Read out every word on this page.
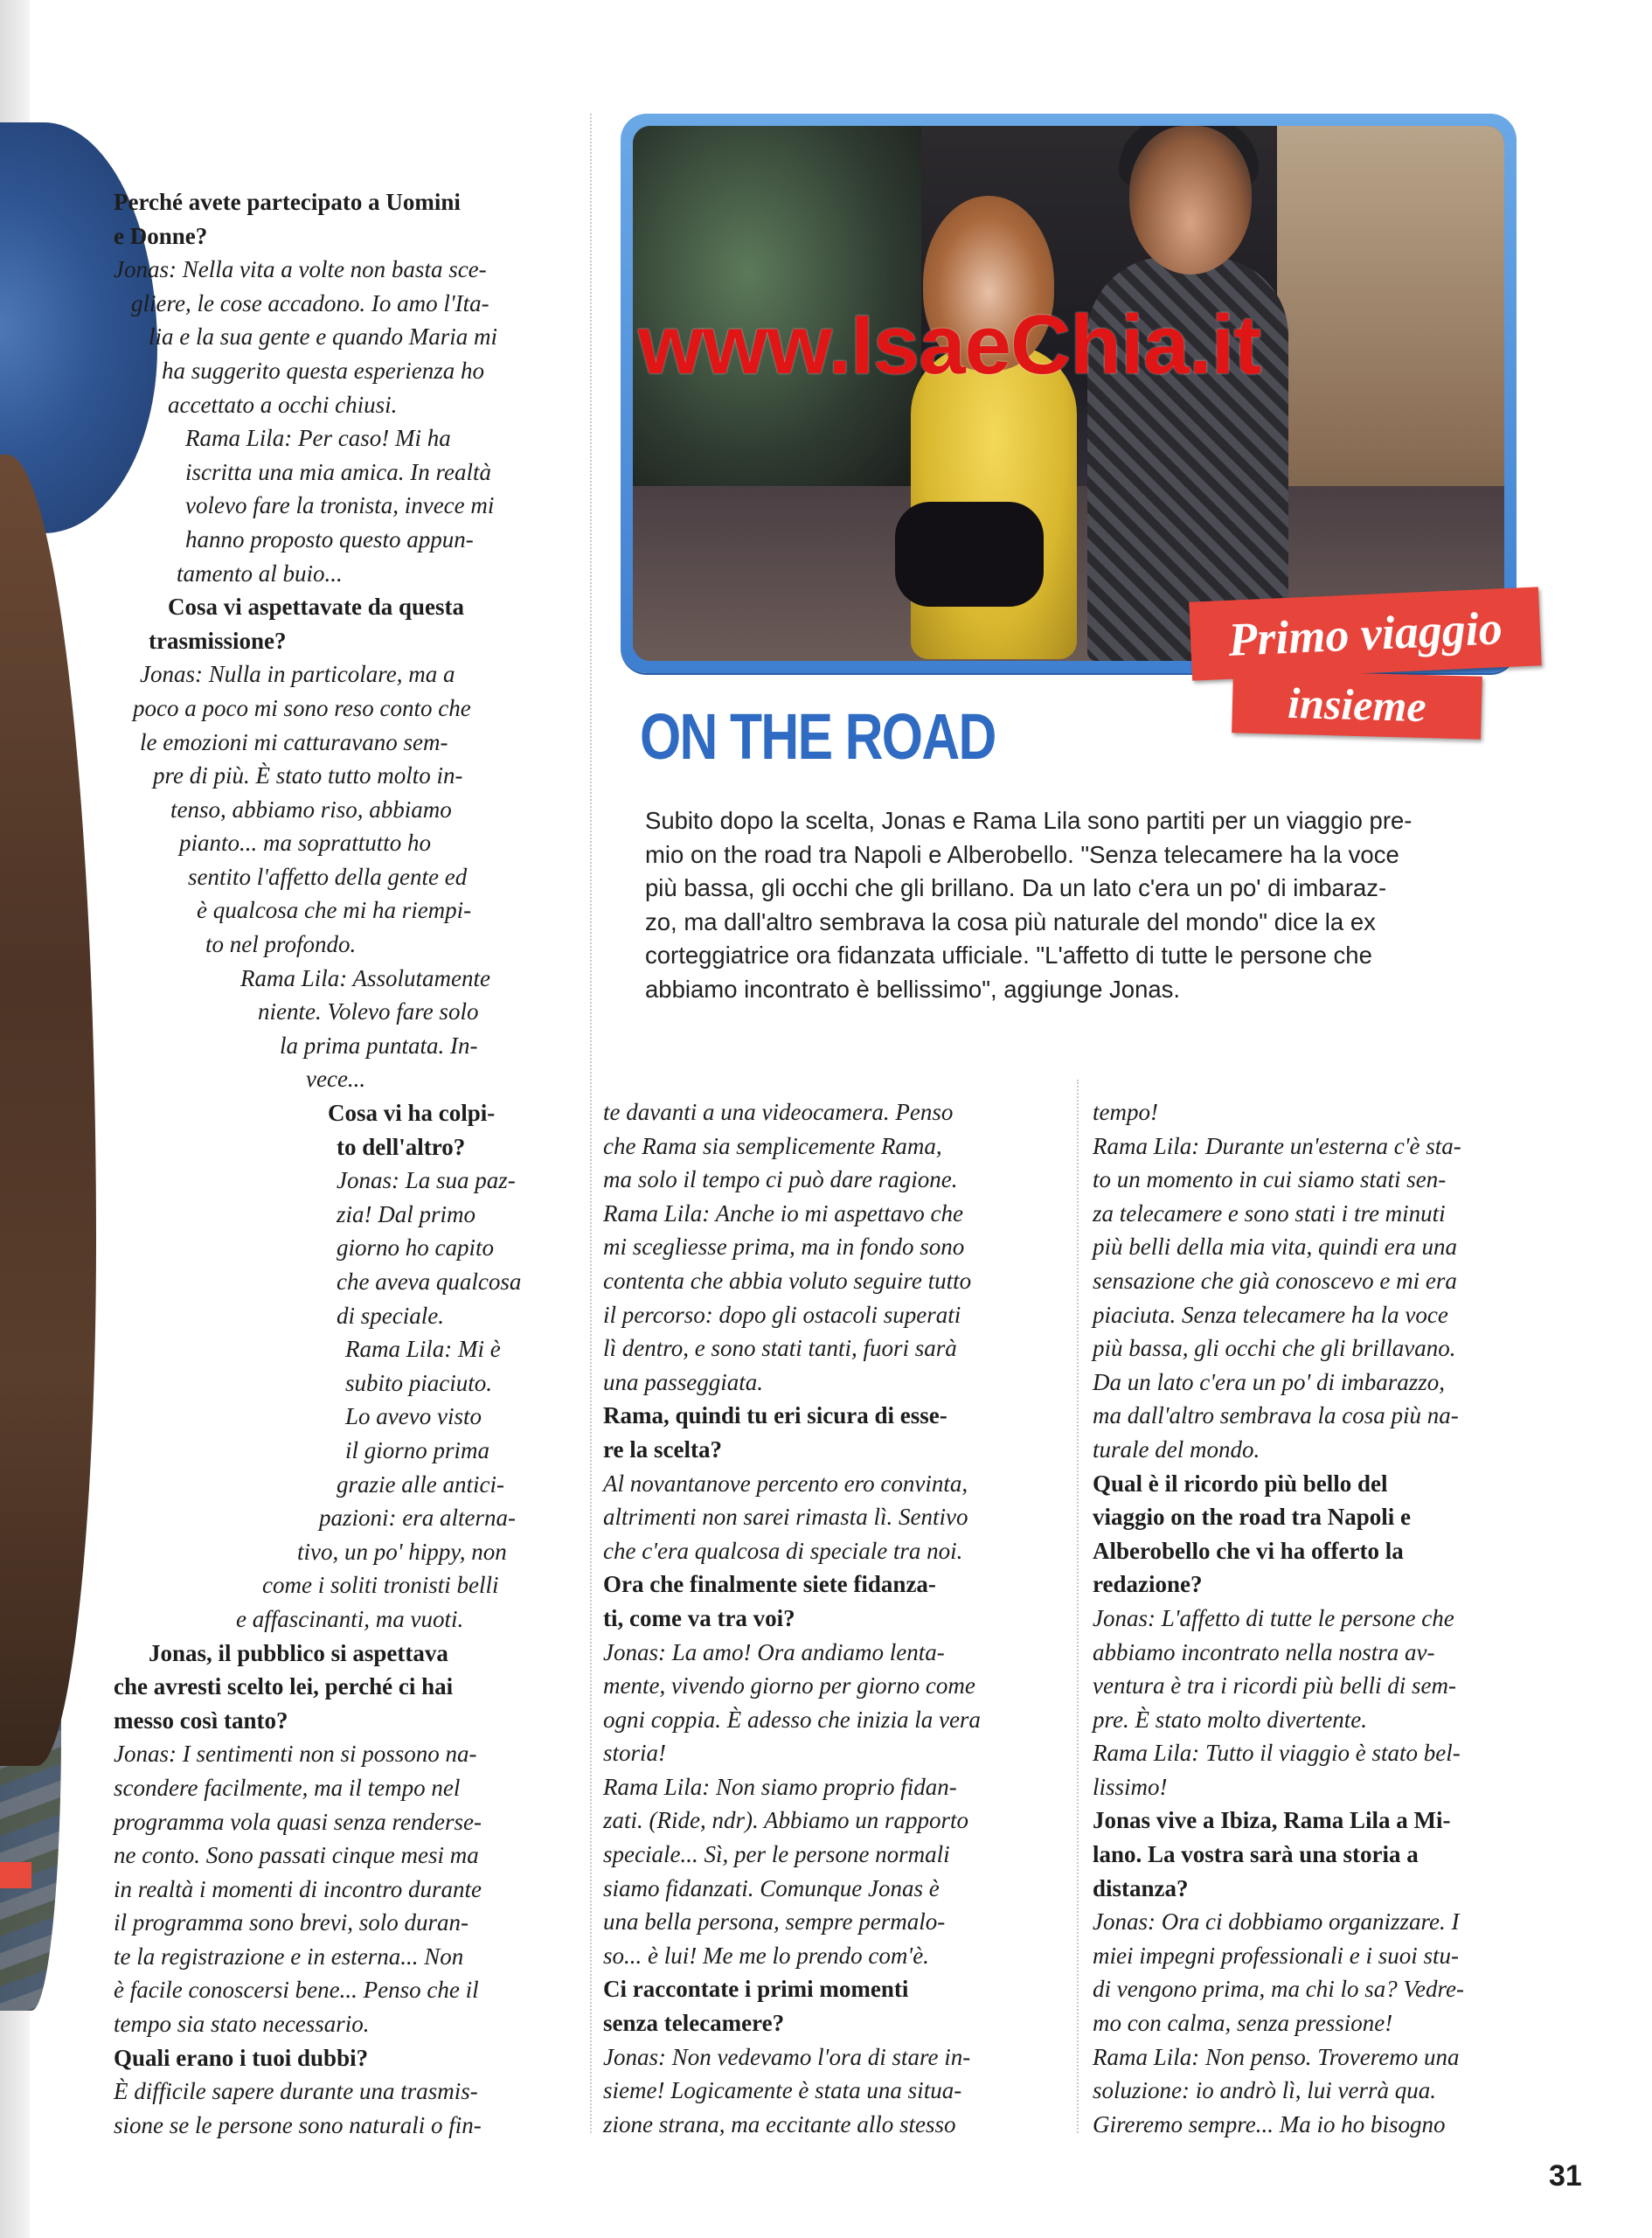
Perché avete partecipato a Uomini
e Donne?
Jonas: Nella vita a volte non basta sce-
gliere, le cose accadono. Io amo l'Ita-
lia e la sua gente e quando Maria mi
ha suggerito questa esperienza ho
accettato a occhi chiusi.
Rama Lila: Per caso! Mi ha
iscritta una mia amica. In realtà
volevo fare la tronista, invece mi
hanno proposto questo appun-
tamento al buio...
Cosa vi aspettavate da questa
trasmissione?
Jonas: Nulla in particolare, ma a
poco a poco mi sono reso conto che
le emozioni mi catturavano sem-
pre di più. È stato tutto molto in-
tenso, abbiamo riso, abbiamo
pianto... ma soprattutto ho
sentito l'affetto della gente ed
è qualcosa che mi ha riempi-
to nel profondo.
Rama Lila: Assolutamente
niente. Volevo fare solo
la prima puntata. In-
vece...
Cosa vi ha colpi-
to dell'altro?
Jonas: La sua paz-
zia! Dal primo
giorno ho capito
che aveva qualcosa
di speciale.
Rama Lila: Mi è
subito piaciuto.
Lo avevo visto
il giorno prima
grazie alle antici-
pazioni: era alterna-
tivo, un po' hippy, non
come i soliti tronisti belli
e affascinanti, ma vuoti.
Jonas, il pubblico si aspettava
che avresti scelto lei, perché ci hai
messo così tanto?
Jonas: I sentimenti non si possono na-
scondere facilmente, ma il tempo nel
programma vola quasi senza renderse-
ne conto. Sono passati cinque mesi ma
in realtà i momenti di incontro durante
il programma sono brevi, solo duran-
te la registrazione e in esterna... Non
è facile conoscersi bene... Penso che il
tempo sia stato necessario.
Quali erano i tuoi dubbi?
È difficile sapere durante una trasmis-
sione se le persone sono naturali o fin-
www.IsaeChia.it
Primo viaggio
insieme
ON THE ROAD
Subito dopo la scelta, Jonas e Rama Lila sono partiti per un viaggio pre-
mio on the road tra Napoli e Alberobello. "Senza telecamere ha la voce
più bassa, gli occhi che gli brillano. Da un lato c'era un po' di imbaraz-
zo, ma dall'altro sembrava la cosa più naturale del mondo" dice la ex
corteggiatrice ora fidanzata ufficiale. "L'affetto di tutte le persone che
abbiamo incontrato è bellissimo", aggiunge Jonas.
te davanti a una videocamera. Penso
che Rama sia semplicemente Rama,
ma solo il tempo ci può dare ragione.
Rama Lila: Anche io mi aspettavo che
mi scegliesse prima, ma in fondo sono
contenta che abbia voluto seguire tutto
il percorso: dopo gli ostacoli superati
lì dentro, e sono stati tanti, fuori sarà
una passeggiata.
Rama, quindi tu eri sicura di esse-
re la scelta?
Al novantanove percento ero convinta,
altrimenti non sarei rimasta lì. Sentivo
che c'era qualcosa di speciale tra noi.
Ora che finalmente siete fidanza-
ti, come va tra voi?
Jonas: La amo! Ora andiamo lenta-
mente, vivendo giorno per giorno come
ogni coppia. È adesso che inizia la vera
storia!
Rama Lila: Non siamo proprio fidan-
zati. (Ride, ndr). Abbiamo un rapporto
speciale... Sì, per le persone normali
siamo fidanzati. Comunque Jonas è
una bella persona, sempre permalo-
so... è lui! Me me lo prendo com'è.
Ci raccontate i primi momenti
senza telecamere?
Jonas: Non vedevamo l'ora di stare in-
sieme! Logicamente è stata una situa-
zione strana, ma eccitante allo stesso
tempo!
Rama Lila: Durante un'esterna c'è sta-
to un momento in cui siamo stati sen-
za telecamere e sono stati i tre minuti
più belli della mia vita, quindi era una
sensazione che già conoscevo e mi era
piaciuta. Senza telecamere ha la voce
più bassa, gli occhi che gli brillavano.
Da un lato c'era un po' di imbarazzo,
ma dall'altro sembrava la cosa più na-
turale del mondo.
Qual è il ricordo più bello del
viaggio on the road tra Napoli e
Alberobello che vi ha offerto la
redazione?
Jonas: L'affetto di tutte le persone che
abbiamo incontrato nella nostra av-
ventura è tra i ricordi più belli di sem-
pre. È stato molto divertente.
Rama Lila: Tutto il viaggio è stato bel-
lissimo!
Jonas vive a Ibiza, Rama Lila a Mi-
lano. La vostra sarà una storia a
distanza?
Jonas: Ora ci dobbiamo organizzare. I
miei impegni professionali e i suoi stu-
di vengono prima, ma chi lo sa? Vedre-
mo con calma, senza pressione!
Rama Lila: Non penso. Troveremo una
soluzione: io andrò lì, lui verrà qua.
Gireremo sempre... Ma io ho bisogno
31
